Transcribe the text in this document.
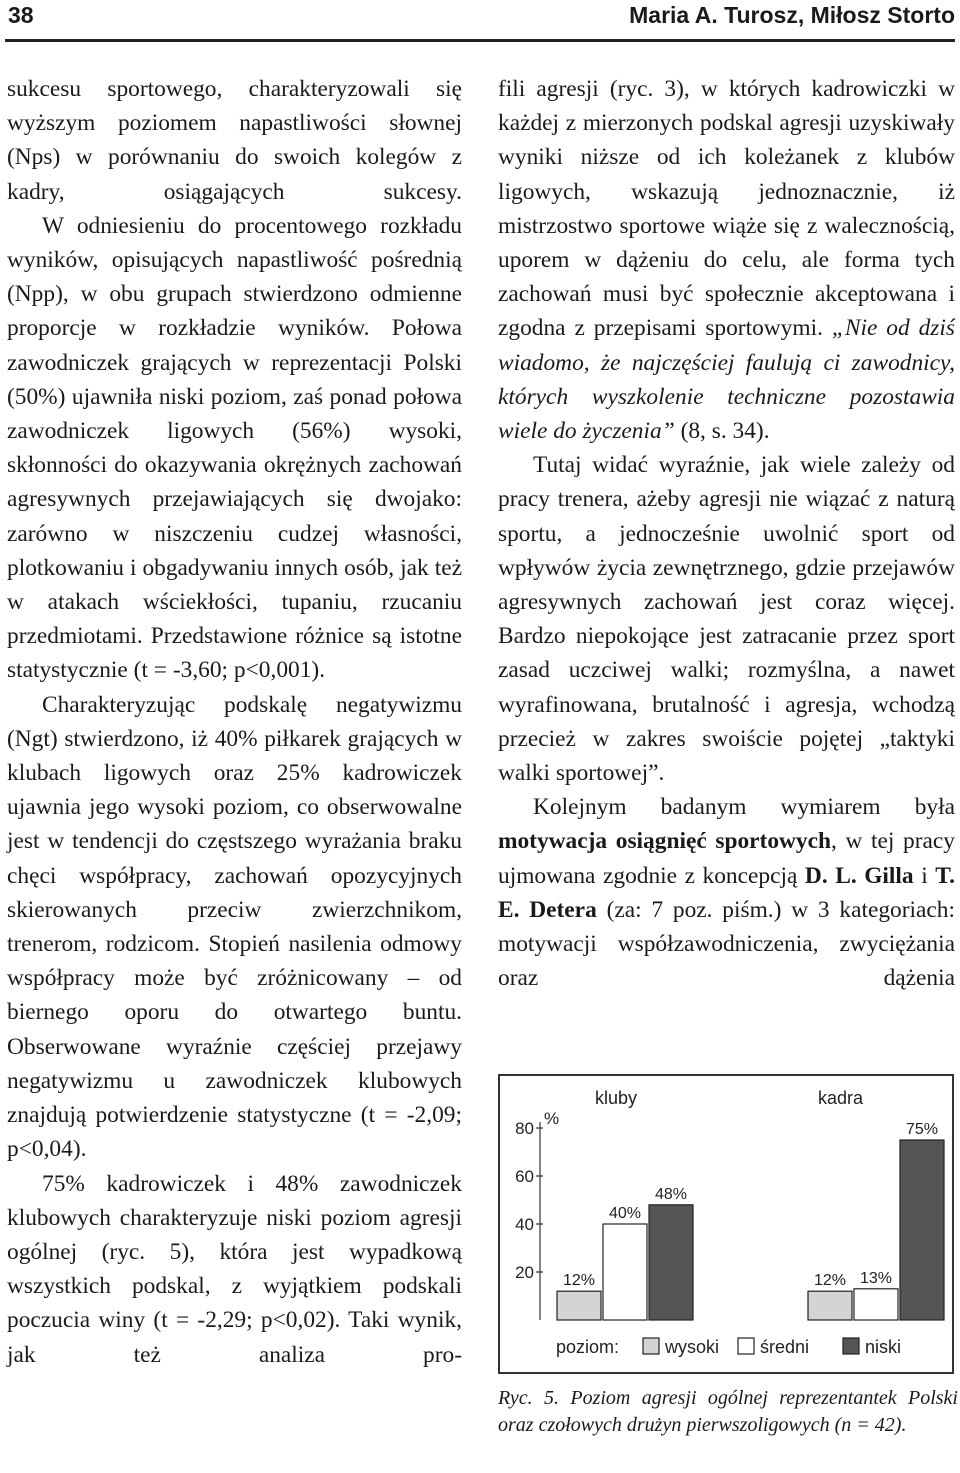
38	Maria A. Turosz, Miłosz Storto

sukcesu sportowego, charakteryzowali się wyższym poziomem napastliwości słownej (Nps) w porównaniu do swoich kolegów z kadry, osiągających sukcesy.

W odniesieniu do procentowego rozkładu wyników, opisujących napastliwość pośrednią (Npp), w obu grupach stwierdzono odmienne proporcje w rozkładzie wyników. Połowa zawodniczek grających w reprezentacji Polski (50%) ujawniła niski poziom, zaś ponad połowa zawodniczek ligowych (56%) wysoki, skłonności do okazywania okrężnych zachowań agresywnych przejawiających się dwojako: zarówno w niszczeniu cudzej własności, plotkowaniu i obgadywaniu innych osób, jak też w atakach wściekłości, tupaniu, rzucaniu przedmiotami. Przedstawione różnice są istotne statystycznie (t = -3,60; p<0,001).

Charakteryzując podskalę negatywizmu (Ngt) stwierdzono, iż 40% piłkarek grających w klubach ligowych oraz 25% kadrowiczek ujawnia jego wysoki poziom, co obserwowalne jest w tendencji do częstszego wyrażania braku chęci współpracy, zachowań opozycyjnych skierowanych przeciw zwierzchnikom, trenerom, rodzicom. Stopień nasilenia odmowy współpracy może być zróżnicowany – od biernego oporu do otwartego buntu. Obserwowane wyraźnie częściej przejawy negatywizmu u zawodniczek klubowych znajdują potwierdzenie statystyczne (t = -2,09; p<0,04).

75% kadrowiczek i 48% zawodniczek klubowych charakteryzuje niski poziom agresji ogólnej (ryc. 5), która jest wypadkową wszystkich podskal, z wyjątkiem podskali poczucia winy (t = -2,29; p<0,02). Taki wynik, jak też analiza pro-

fili agresji (ryc. 3), w których kadrowiczki w każdej z mierzonych podskal agresji uzyskiwały wyniki niższe od ich koleżanek z klubów ligowych, wskazują jednoznacznie, iż mistrzostwo sportowe wiąże się z walecznością, uporem w dążeniu do celu, ale forma tych zachowań musi być społecznie akceptowana i zgodna z przepisami sportowymi. „Nie od dziś wiadomo, że najczęściej faulują ci zawodnicy, których wyszkolenie techniczne pozostawia wiele do życzenia” (8, s. 34).

Tutaj widać wyraźnie, jak wiele zależy od pracy trenera, ażeby agresji nie wiązać z naturą sportu, a jednocześnie uwolnić sport od wpływów życia zewnętrznego, gdzie przejawów agresywnych zachowań jest coraz więcej. Bardzo niepokojące jest zatracanie przez sport zasad uczciwej walki; rozmyślna, a nawet wyrafinowana, brutalność i agresja, wchodzą przecież w zakres swoiście pojętej „taktyki walki sportowej”.

Kolejnym badanym wymiarem była motywacja osiągnięć sportowych, w tej pracy ujmowana zgodnie z koncepcją D. L. Gilla i T. E. Detera (za: 7 poz. piśm.) w 3 kategoriach: motywacji współzawodniczenia, zwyciężania oraz dążenia

20
40
60
80
%
kluby
12%
40%
48%
kadra
12% 13%
75%
poziom:	wysoki średni	niski
Ryc. 5. Poziom agresji ogólnej reprezentantek Polski oraz czołowych drużyn pierwszoligowych (n = 42).
